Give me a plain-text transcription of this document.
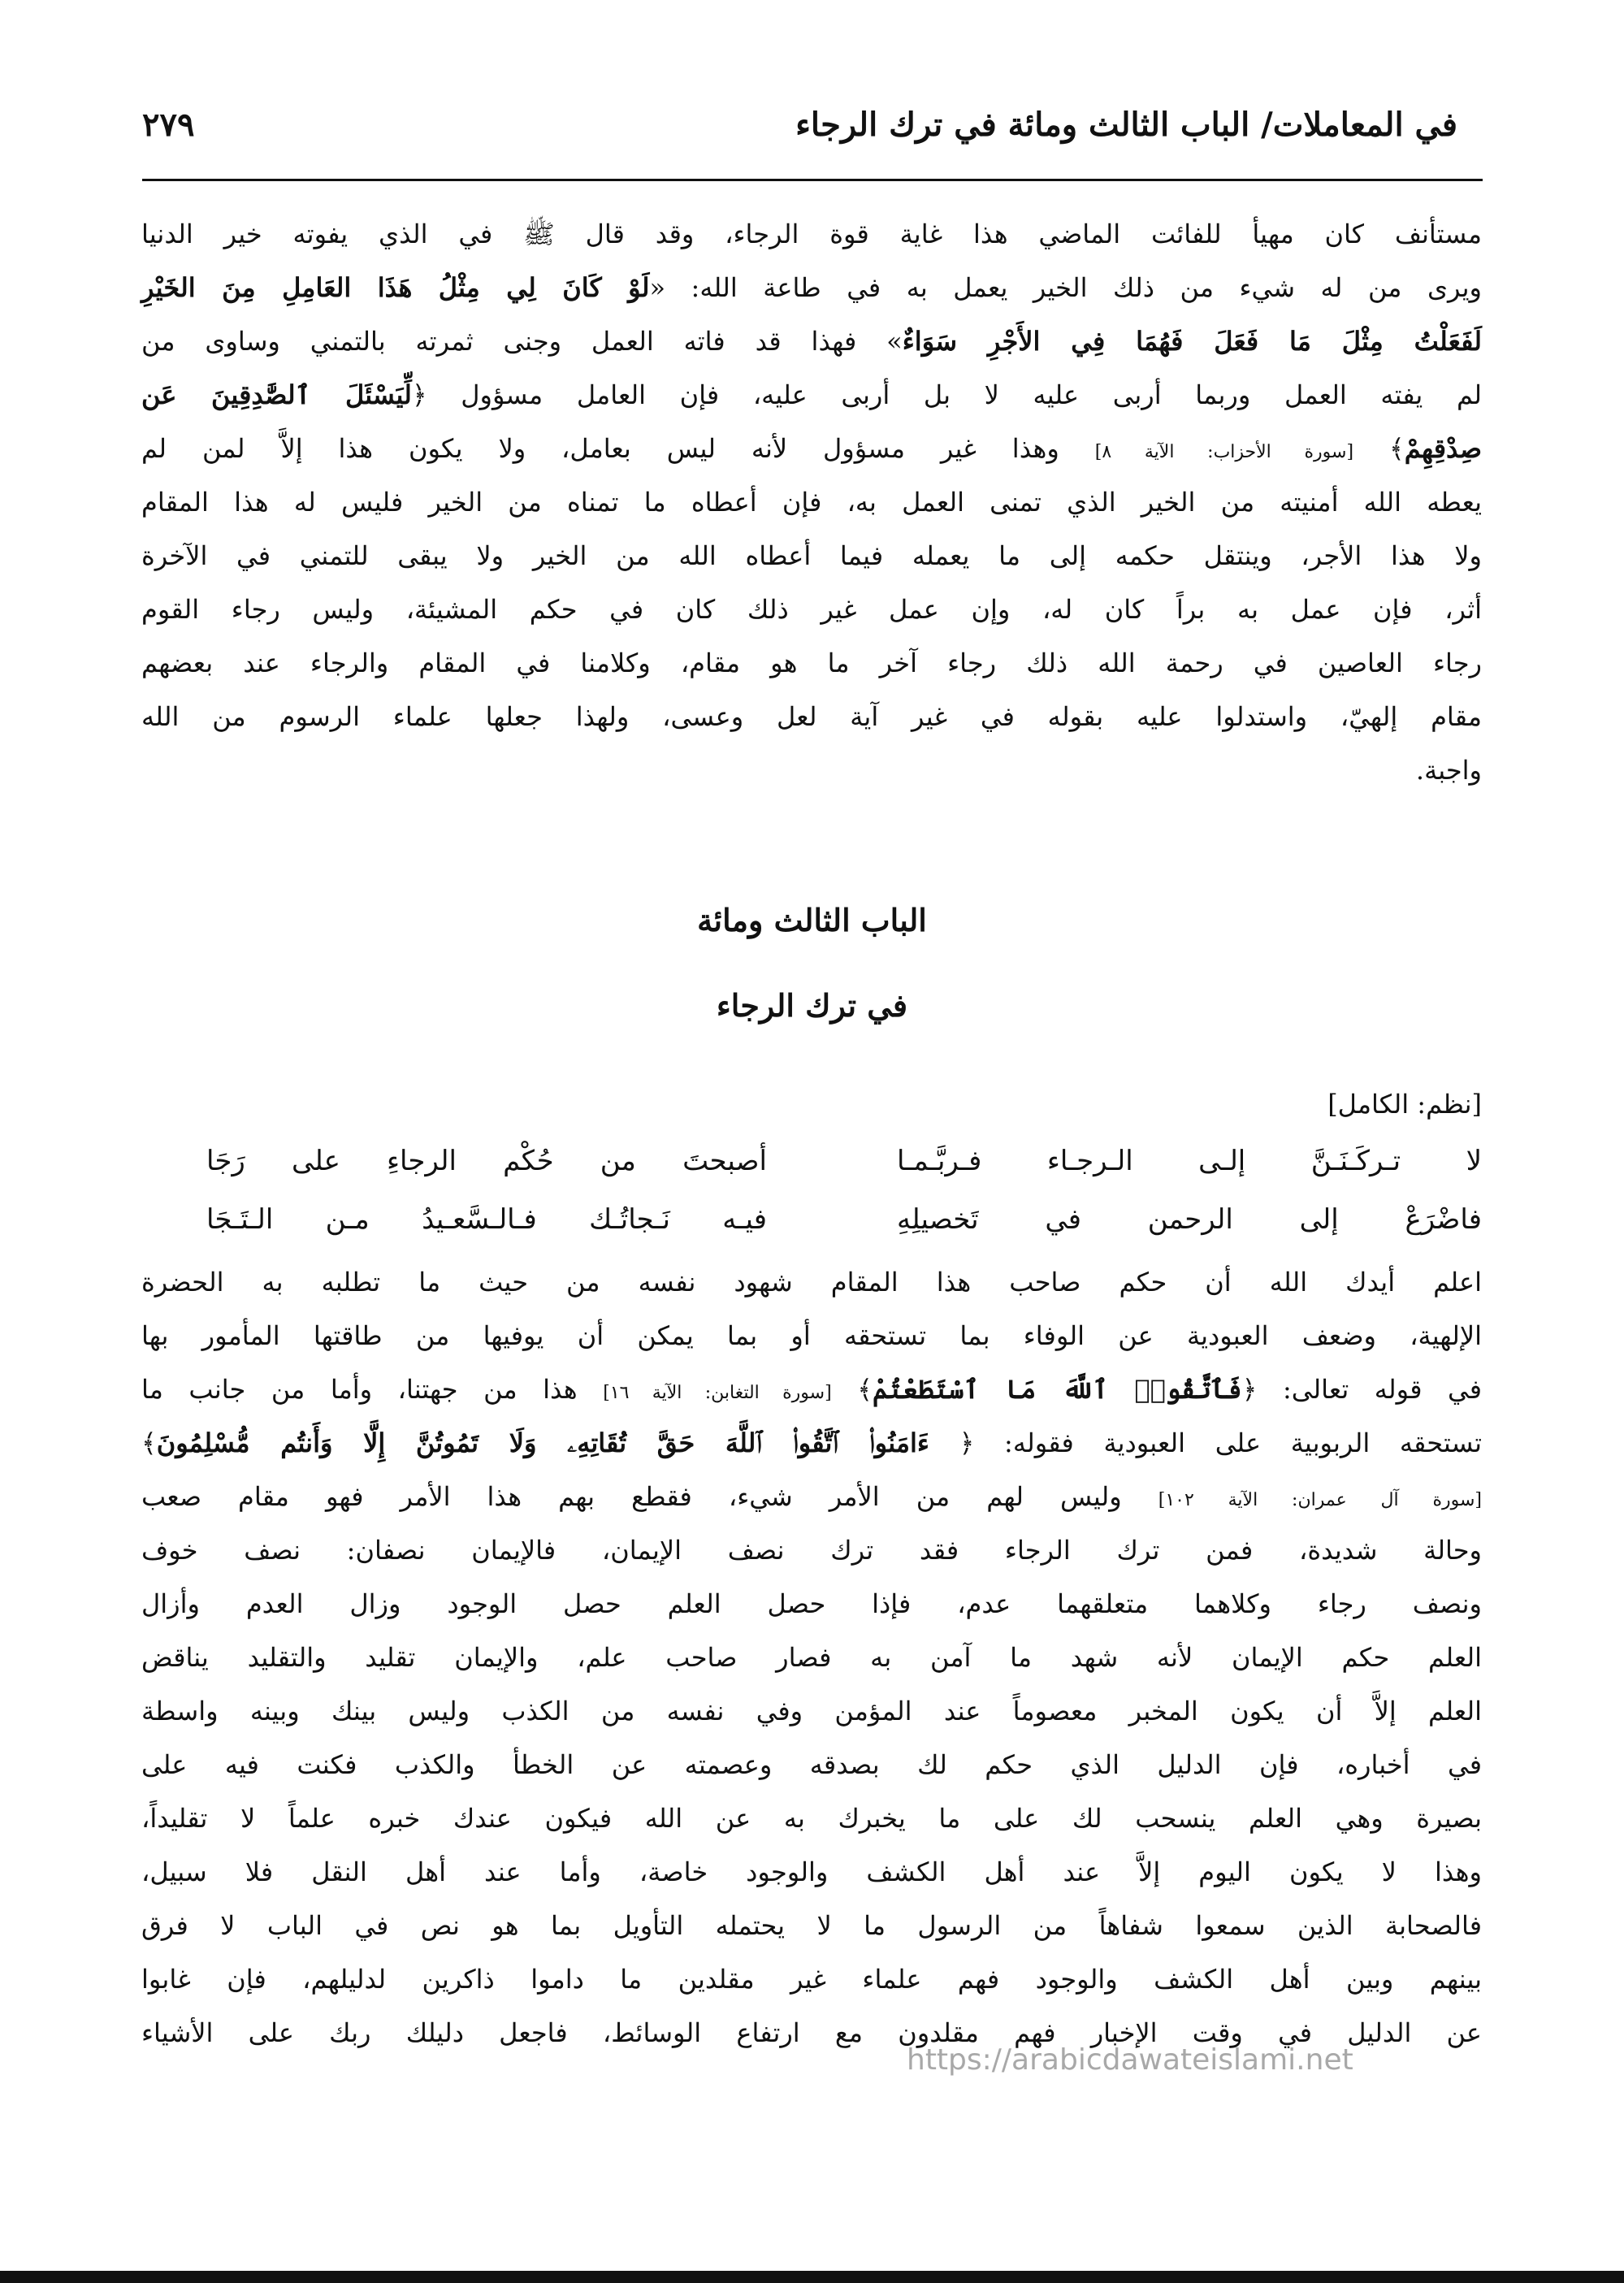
في المعاملات/ الباب الثالث ومائة في ترك الرجاء
٢٧٩
مستأنف كان مهيأ للفائت الماضي هذا غاية قوة الرجاء، وقد قال ﷺ في الذي يفوته خير الدنيا
ويرى من له شيء من ذلك الخير يعمل به في طاعة الله: «لَوْ كَانَ لِي مِثْلُ هَذَا العَامِلِ مِنَ الخَيْرِ
لَفَعَلْتُ مِثْلَ مَا فَعَلَ فَهُمَا فِي الأَجْرِ سَوَاءٌ» فهذا قد فاته العمل وجنى ثمرته بالتمني وساوى من
لم يفته العمل وربما أربى عليه لا بل أربى عليه، فإن العامل مسؤول ﴿لِّيَسْئَلَ ٱلصَّٰدِقِينَ عَن
صِدْقِهِمْ﴾ [سورة الأحزاب: الآية ٨] وهذا غير مسؤول لأنه ليس بعامل، ولا يكون هذا إلاَّ لمن لم
يعطه الله أمنيته من الخير الذي تمنى العمل به، فإن أعطاه ما تمناه من الخير فليس له هذا المقام
ولا هذا الأجر، وينتقل حكمه إلى ما يعمله فيما أعطاه الله من الخير ولا يبقى للتمني في الآخرة
أثر، فإن عمل به براً كان له، وإن عمل غير ذلك كان في حكم المشيئة، وليس رجاء القوم
رجاء العاصين في رحمة الله ذلك رجاء آخر ما هو مقام، وكلامنا في المقام والرجاء عند بعضهم
مقام إلهيّ، واستدلوا عليه بقوله في غير آية لعل وعسى، ولهذا جعلها علماء الرسوم من الله
واجبة.
الباب الثالث ومائة
في ترك الرجاء
[نظم: الكامل]
لا تـركَـنَـنَّ إلـى الـرجـاء فـربَّـمـا
أصبحتَ من حُكْم الرجاءِ على رَجَا
فاضْرَعْ إلى الرحمن في تَخصيلِهِ
فيـه نَـجاتُـك فـالـسَّعـيدُ مـن الـتَـجَا
اعلم أيدك الله أن حكم صاحب هذا المقام شهود نفسه من حيث ما تطلبه به الحضرة
الإلهية، وضعف العبودية عن الوفاء بما تستحقه أو بما يمكن أن يوفيها من طاقتها المأمور بها
في قوله تعالى: ﴿فَٱتَّقُوا۟ ٱللَّهَ مَا ٱسْتَطَعْتُمْ﴾ [سورة التغابن: الآية ١٦] هذا من جهتنا، وأما من جانب ما
تستحقه الربوبية على العبودية فقوله: ﴿ ءَامَنُوا۟ ٱتَّقُوا۟ ٱللَّهَ حَقَّ تُقَاتِهِۦ وَلَا تَمُوتُنَّ إِلَّا وَأَنتُم مُّسْلِمُونَ﴾
[سورة آل عمران: الآية ١٠٢] وليس لهم من الأمر شيء، فقطع بهم هذا الأمر فهو مقام صعب
وحالة شديدة، فمن ترك الرجاء فقد ترك نصف الإيمان، فالإيمان نصفان: نصف خوف
ونصف رجاء وكلاهما متعلقهما عدم، فإذا حصل العلم حصل الوجود وزال العدم وأزال
العلم حكم الإيمان لأنه شهد ما آمن به فصار صاحب علم، والإيمان تقليد والتقليد يناقض
العلم إلاَّ أن يكون المخبر معصوماً عند المؤمن وفي نفسه من الكذب وليس بينك وبينه واسطة
في أخباره، فإن الدليل الذي حكم لك بصدقه وعصمته عن الخطأ والكذب فكنت فيه على
بصيرة وهي العلم ينسحب لك على ما يخبرك به عن الله فيكون عندك خبره علماً لا تقليداً،
وهذا لا يكون اليوم إلاَّ عند أهل الكشف والوجود خاصة، وأما عند أهل النقل فلا سبيل،
فالصحابة الذين سمعوا شفاهاً من الرسول ما لا يحتمله التأويل بما هو نص في الباب لا فرق
بينهم وبين أهل الكشف والوجود فهم علماء غير مقلدين ما داموا ذاكرين لدليلهم، فإن غابوا
عن الدليل في وقت الإخبار فهم مقلدون مع ارتفاع الوسائط، فاجعل دليلك ربك على الأشياء
https://arabicdawateislami.net
